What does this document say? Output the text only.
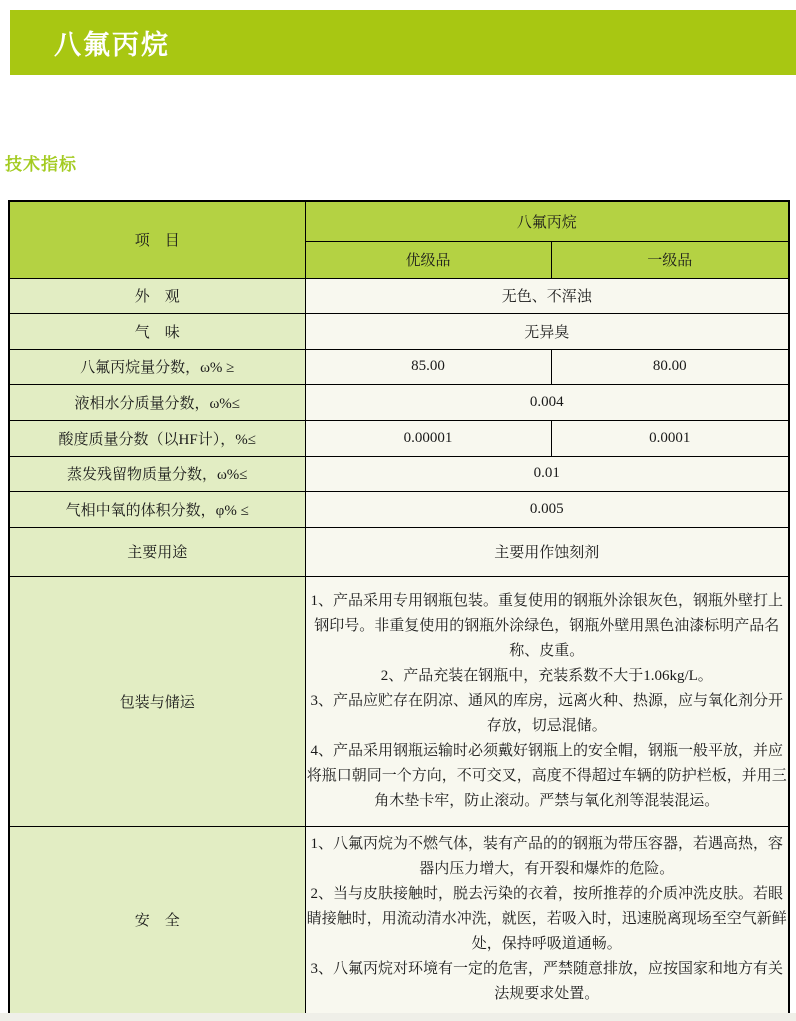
八氟丙烷
技术指标
项　目	八氟丙烷	
	优级品	一级品
外　观	无色、不浑浊	
气　味	无异臭	
八氟丙烷量分数，ω% ≥	85.00	80.00
液相水分质量分数，ω%≤	0.004	
酸度质量分数（以HF计），%≤	0.00001	0.0001
蒸发残留物质量分数，ω%≤	0.01	
气相中氧的体积分数，φ% ≤	0.005	
主要用途	主要用作蚀刻剂	
包装与储运	1、产品采用专用钢瓶包装。重复使用的钢瓶外涂银灰色，钢瓶外壁打上钢印号。非重复使用的钢瓶外涂绿色，钢瓶外壁用黑色油漆标明产品名称、皮重。

2、产品充装在钢瓶中，充装系数不大于1.06kg/L。

3、产品应贮存在阴凉、通风的库房，远离火种、热源，应与氧化剂分开存放，切忌混储。

4、产品采用钢瓶运输时必须戴好钢瓶上的安全帽，钢瓶一般平放，并应将瓶口朝同一个方向，不可交叉，高度不得超过车辆的防护栏板，并用三角木垫卡牢，防止滚动。严禁与氧化剂等混装混运。	

安　全	1、八氟丙烷为不燃气体，装有产品的的钢瓶为带压容器，若遇高热，容器内压力增大，有开裂和爆炸的危险。

2、当与皮肤接触时，脱去污染的衣着，按所推荐的介质冲洗皮肤。若眼睛接触时，用流动清水冲洗，就医，若吸入时，迅速脱离现场至空气新鲜处，保持呼吸道通畅。

3、八氟丙烷对环境有一定的危害，严禁随意排放，应按国家和地方有关法规要求处置。	
